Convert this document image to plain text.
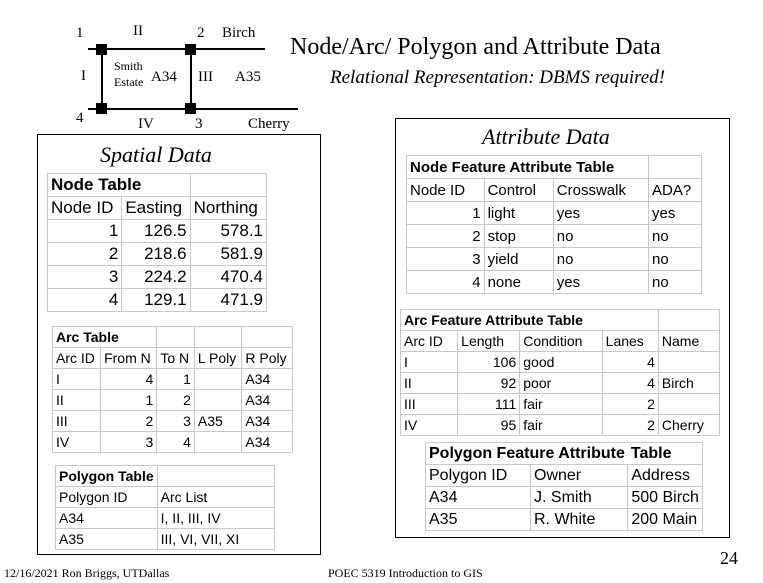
1	II	2 Birch
I
Smith
Estate A34 III A35
4	IV	3	Cherry
Node/Arc/ Polygon and Attribute Data
Relational Representation: DBMS required!
Spatial Data
Node Table		
Node ID	Easting	Northing
1	126.5	578.1
2	218.6	581.9
3	224.2	470.4
4	129.1	471.9
Arc Table				
Arc ID	From N	To N	L Poly	R Poly
I	4	1		A34
II	1	2		A34
III	2	3	A35	A34
IV	3	4		A34
Polygon Table	
Polygon ID	Arc List
A34	I, II, III, IV
A35	III, VI, VII, XI
Attribute Data
Node Feature Attribute Table			
Node ID	Control	Crosswalk	ADA?
1	light	yes	yes
2	stop	no	no
3	yield	no	no
4	none	yes	no
Arc Feature Attribute Table				
Arc ID	Length	Condition	Lanes	Name
I	106	good	4	
II	92	poor	4	Birch
III	111	fair	2	
IV	95	fair	2	Cherry
Polygon Feature Attribute		Table
Polygon ID	Owner	Address
A34	J. Smith	500 Birch
A35	R. White	200 Main
12/16/2021 Ron Briggs, UTDallas	POEC 5319 Introduction to GIS
24
